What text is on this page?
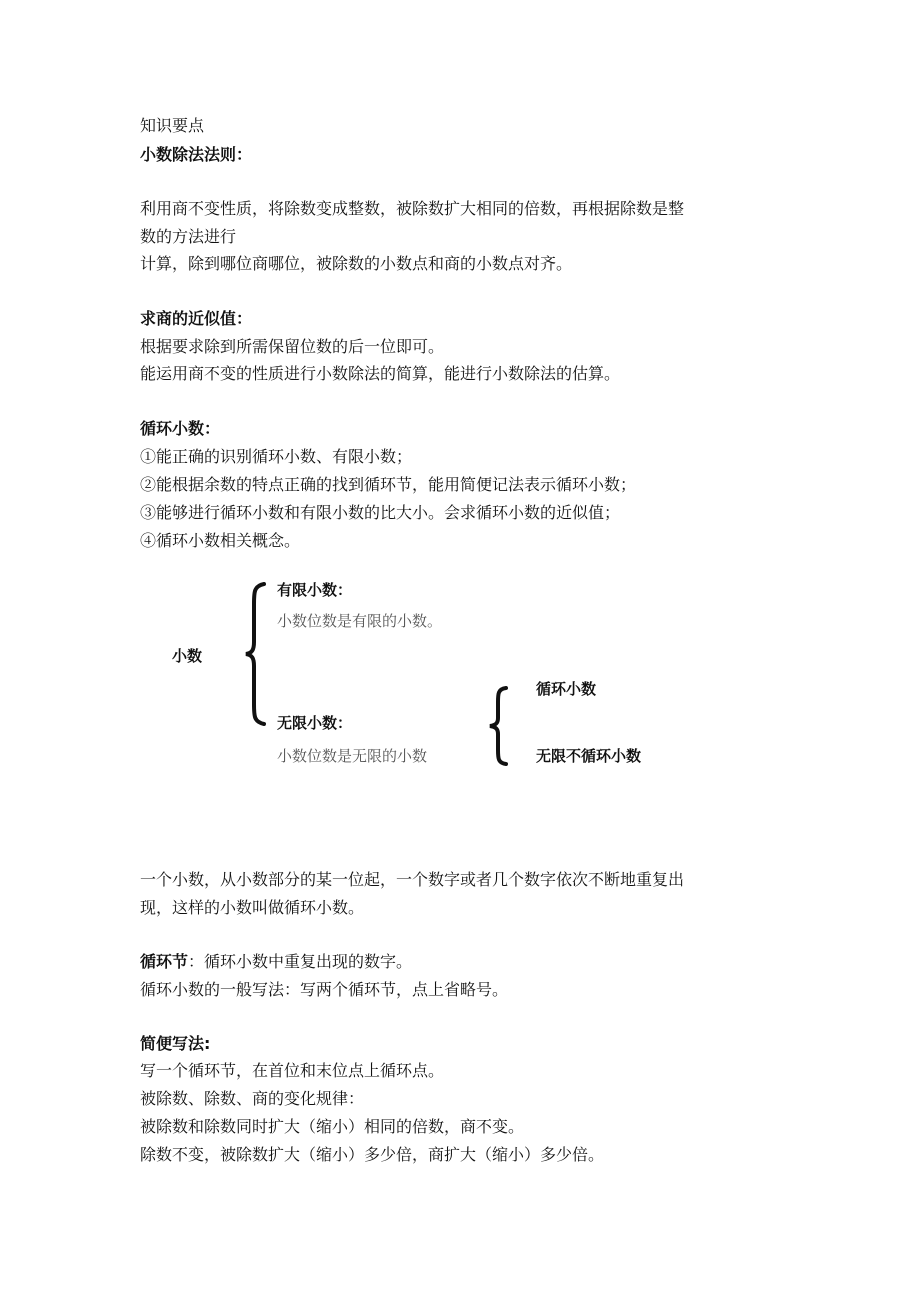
知识要点
小数除法法则：
利用商不变性质，将除数变成整数，被除数扩大相同的倍数，再根据除数是整
数的方法进行
计算，除到哪位商哪位，被除数的小数点和商的小数点对齐。
求商的近似值：
根据要求除到所需保留位数的后一位即可。
能运用商不变的性质进行小数除法的简算，能进行小数除法的估算。
循环小数：
①能正确的识别循环小数、有限小数；
②能根据余数的特点正确的找到循环节，能用简便记法表示循环小数；
③能够进行循环小数和有限小数的比大小。会求循环小数的近似值；
④循环小数相关概念。
小数
有限小数：
小数位数是有限的小数。
无限小数：
小数位数是无限的小数
循环小数
无限不循环小数
一个小数，从小数部分的某一位起，一个数字或者几个数字依次不断地重复出
现，这样的小数叫做循环小数。
循环节：循环小数中重复出现的数字。
循环小数的一般写法：写两个循环节，点上省略号。
简便写法:
写一个循环节，在首位和末位点上循环点。
被除数、除数、商的变化规律：
被除数和除数同时扩大（缩小）相同的倍数，商不变。
除数不变，被除数扩大（缩小）多少倍，商扩大（缩小）多少倍。
